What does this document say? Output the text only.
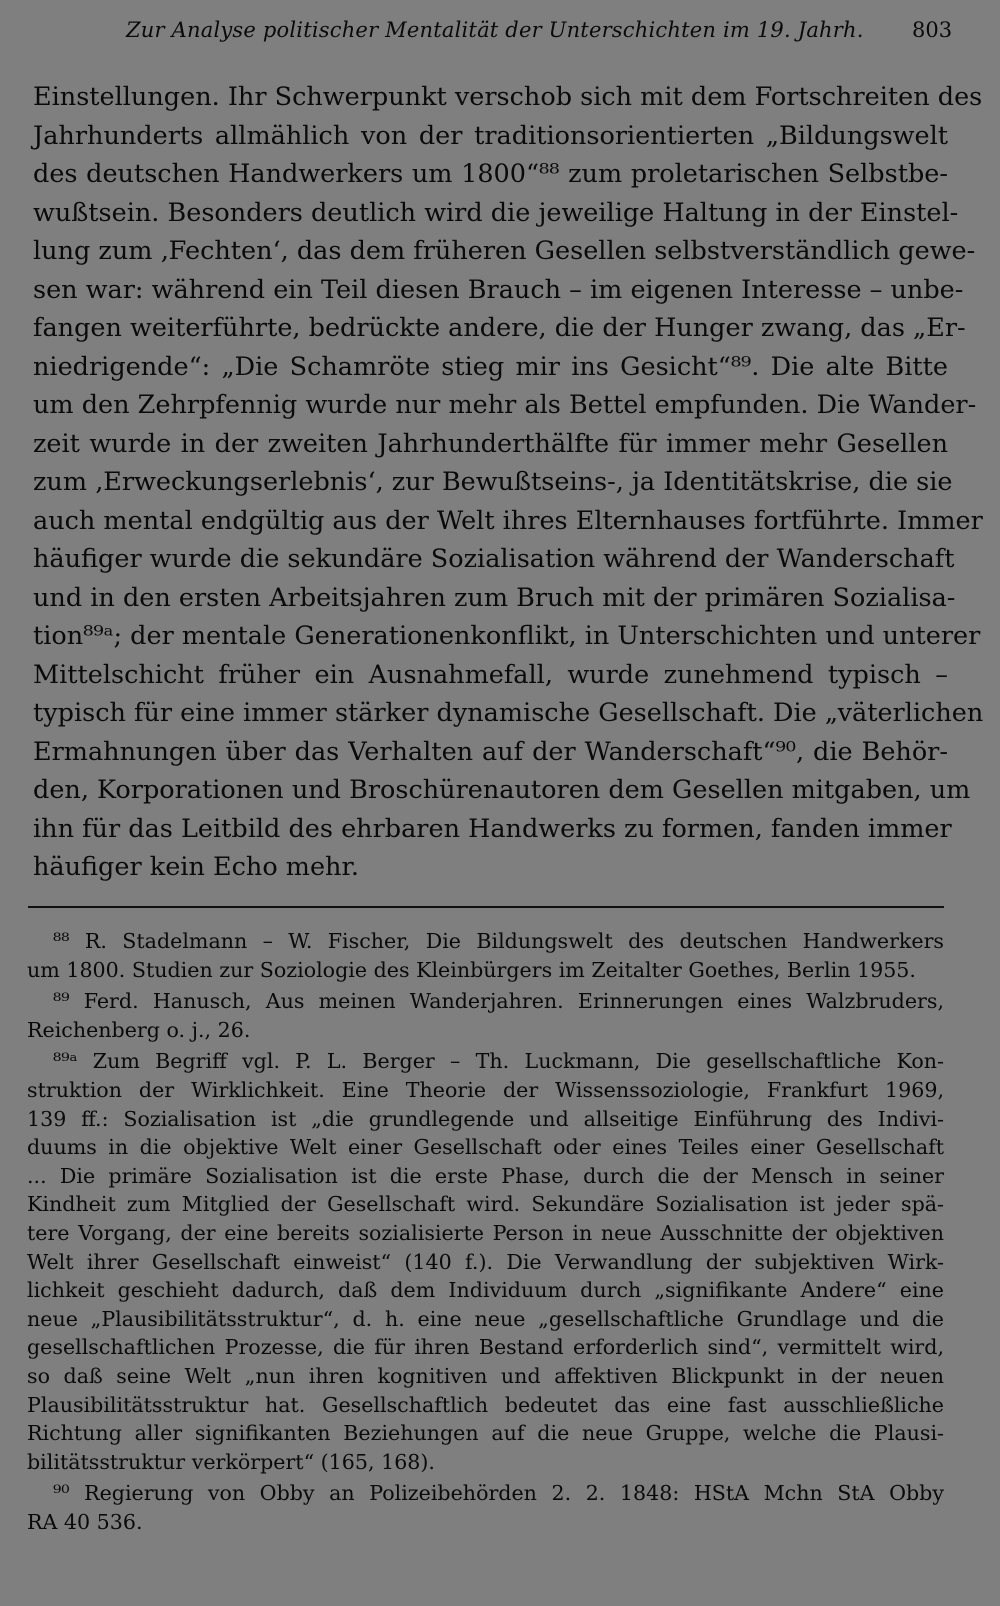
Zur Analyse politischer Mentalität der Unterschichten im 19. Jahrh. 803
Einstellungen. Ihr Schwerpunkt verschob sich mit dem Fortschreiten des
Jahrhunderts allmählich von der traditionsorientierten „Bildungswelt
des deutschen Handwerkers um 1800“⁸⁸ zum proletarischen Selbstbe-
wußtsein. Besonders deutlich wird die jeweilige Haltung in der Einstel-
lung zum ‚Fechten‘, das dem früheren Gesellen selbstverständlich gewe-
sen war: während ein Teil diesen Brauch – im eigenen Interesse – unbe-
fangen weiterführte, bedrückte andere, die der Hunger zwang, das „Er-
niedrigende“: „Die Schamröte stieg mir ins Gesicht“⁸⁹. Die alte Bitte
um den Zehrpfennig wurde nur mehr als Bettel empfunden. Die Wander-
zeit wurde in der zweiten Jahrhunderthälfte für immer mehr Gesellen
zum ‚Erweckungserlebnis‘, zur Bewußtseins-, ja Identitätskrise, die sie
auch mental endgültig aus der Welt ihres Elternhauses fortführte. Immer
häufiger wurde die sekundäre Sozialisation während der Wanderschaft
und in den ersten Arbeitsjahren zum Bruch mit der primären Sozialisa-
tion⁸⁹ᵃ; der mentale Generationenkonflikt, in Unterschichten und unterer
Mittelschicht früher ein Ausnahmefall, wurde zunehmend typisch –
typisch für eine immer stärker dynamische Gesellschaft. Die „väterlichen
Ermahnungen über das Verhalten auf der Wanderschaft“⁹⁰, die Behör-
den, Korporationen und Broschürenautoren dem Gesellen mitgaben, um
ihn für das Leitbild des ehrbaren Handwerks zu formen, fanden immer
häufiger kein Echo mehr.
⁸⁸ R. Stadelmann – W. Fischer, Die Bildungswelt des deutschen Handwerkers
um 1800. Studien zur Soziologie des Kleinbürgers im Zeitalter Goethes, Berlin 1955.
⁸⁹ Ferd. Hanusch, Aus meinen Wanderjahren. Erinnerungen eines Walzbruders,
Reichenberg o. j., 26.
⁸⁹ᵃ Zum Begriff vgl. P. L. Berger – Th. Luckmann, Die gesellschaftliche Kon-
struktion der Wirklichkeit. Eine Theorie der Wissenssoziologie, Frankfurt 1969,
139 ff.: Sozialisation ist „die grundlegende und allseitige Einführung des Indivi-
duums in die objektive Welt einer Gesellschaft oder eines Teiles einer Gesellschaft
... Die primäre Sozialisation ist die erste Phase, durch die der Mensch in seiner
Kindheit zum Mitglied der Gesellschaft wird. Sekundäre Sozialisation ist jeder spä-
tere Vorgang, der eine bereits sozialisierte Person in neue Ausschnitte der objektiven
Welt ihrer Gesellschaft einweist“ (140 f.). Die Verwandlung der subjektiven Wirk-
lichkeit geschieht dadurch, daß dem Individuum durch „signifikante Andere“ eine
neue „Plausibilitätsstruktur“, d. h. eine neue „gesellschaftliche Grundlage und die
gesellschaftlichen Prozesse, die für ihren Bestand erforderlich sind“, vermittelt wird,
so daß seine Welt „nun ihren kognitiven und affektiven Blickpunkt in der neuen
Plausibilitätsstruktur hat. Gesellschaftlich bedeutet das eine fast ausschließliche
Richtung aller signifikanten Beziehungen auf die neue Gruppe, welche die Plausi-
bilitätsstruktur verkörpert“ (165, 168).
⁹⁰ Regierung von Obby an Polizeibehörden 2. 2. 1848: HStA Mchn StA Obby
RA 40 536.
